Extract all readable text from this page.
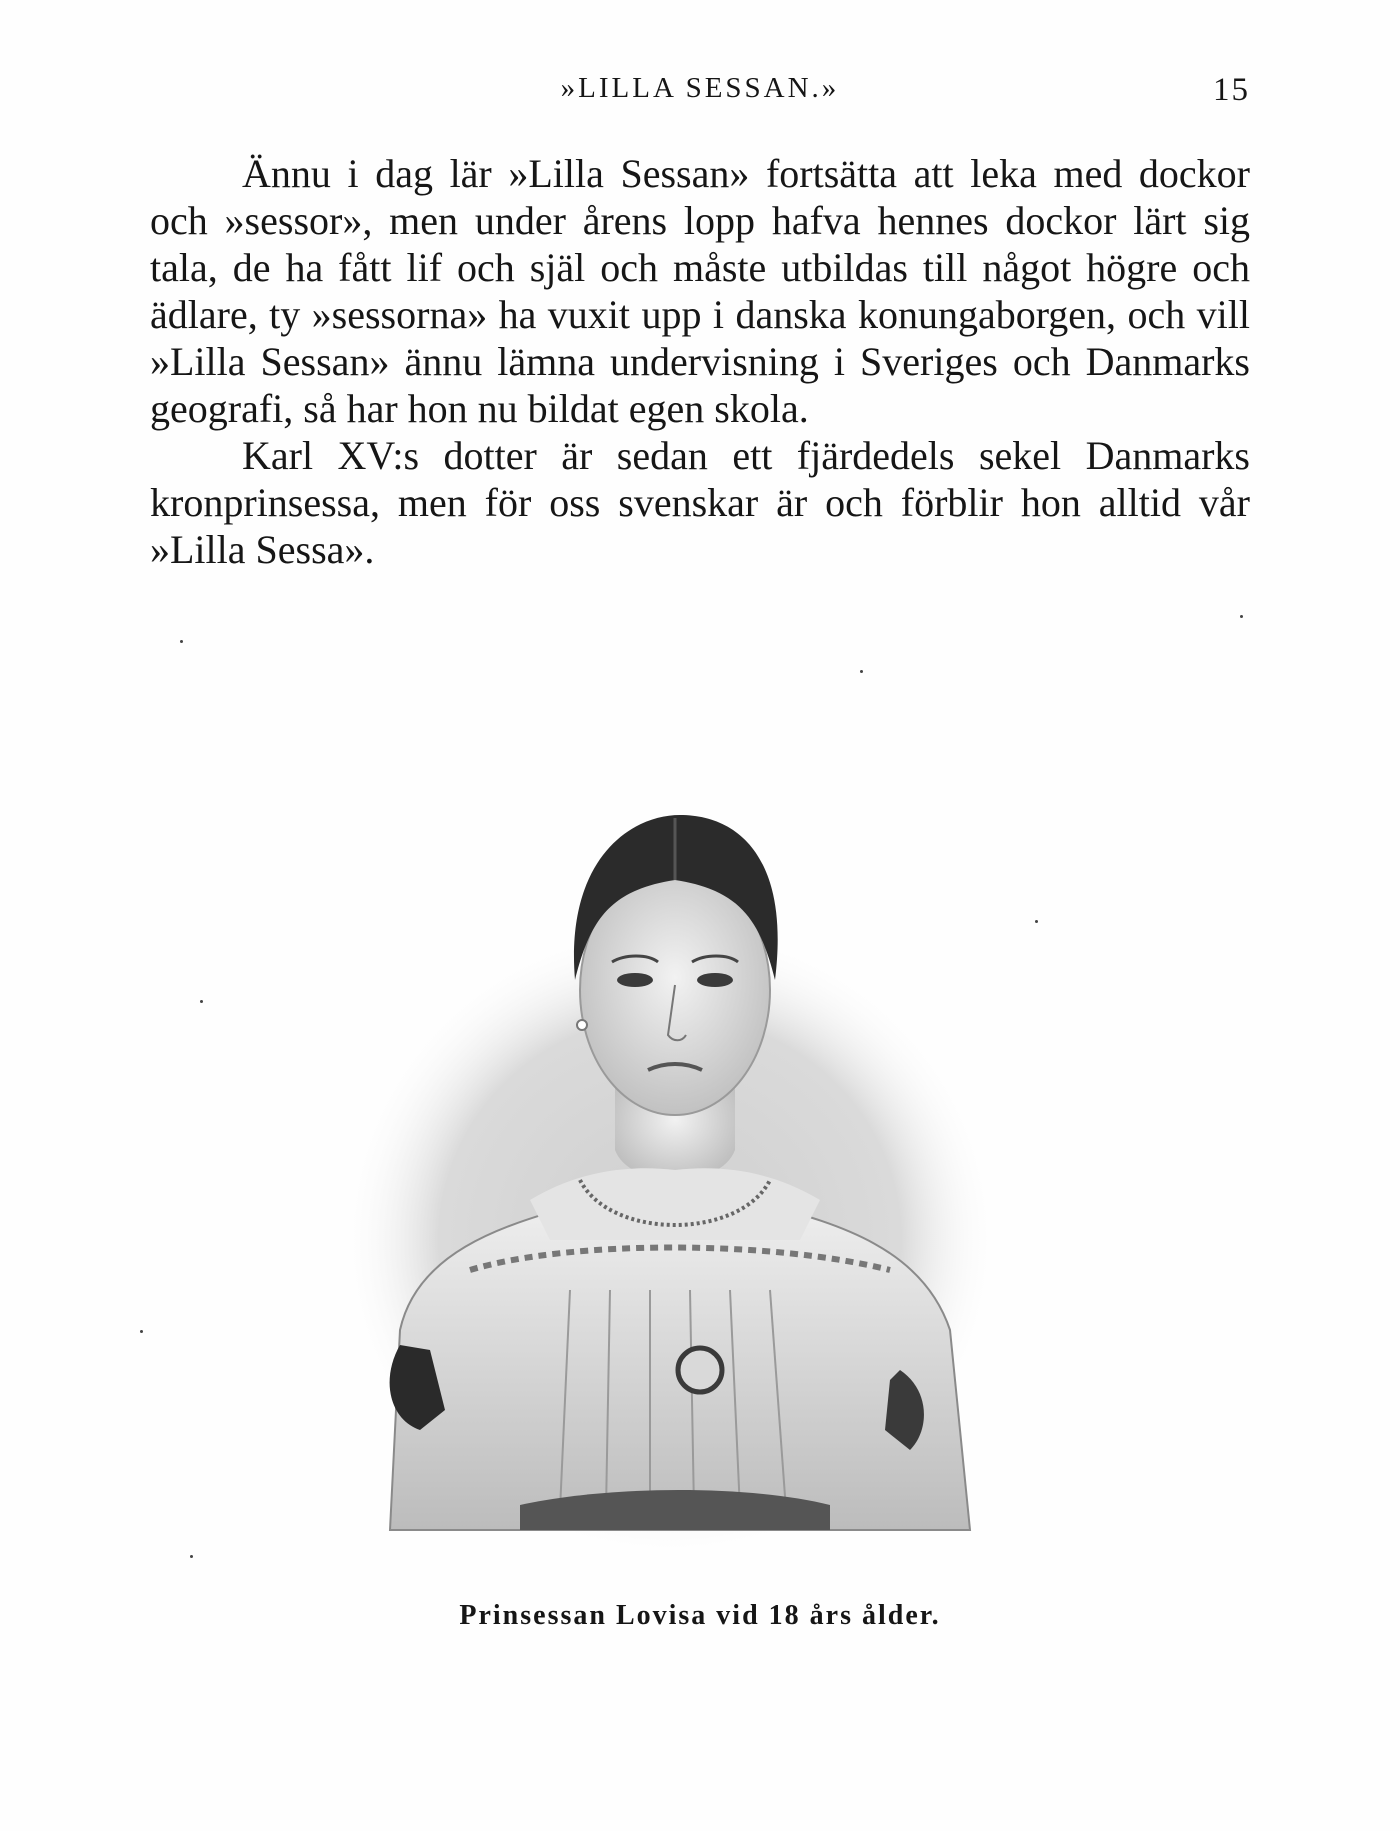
»LILLA SESSAN.»	15

Ännu i dag lär »Lilla Sessan» fortsätta att leka med dockor och »sessor», men under årens lopp hafva hennes dockor lärt sig tala, de ha fått lif och själ och måste utbildas till något högre och ädlare, ty »sessorna» ha vuxit upp i danska konungaborgen, och vill »Lilla Sessan» ännu lämna undervisning i Sveriges och Danmarks geografi, så har hon nu bildat egen skola.

Karl XV:s dotter är sedan ett fjärdedels sekel Danmarks kronprinsessa, men för oss svenskar är och förblir hon alltid vår »Lilla Sessa».

Prinsessan Lovisa vid 18 års ålder.
